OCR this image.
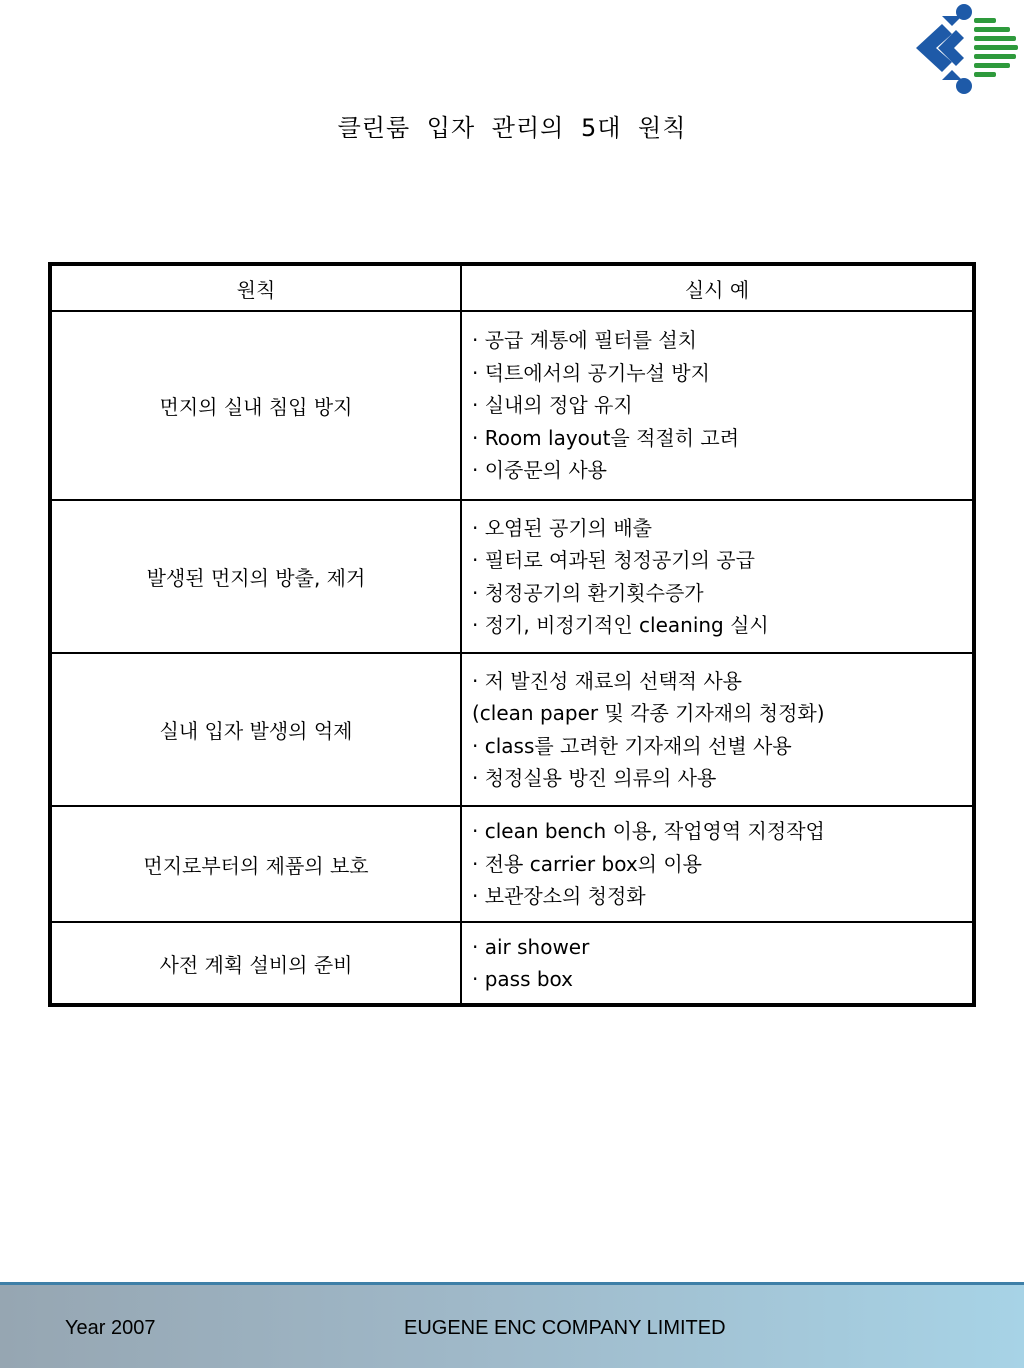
클린룸 입자 관리의 5대 원칙
원칙	실시 예
먼지의 실내 침입 방지	· 공급 계통에 필터를 설치
· 덕트에서의 공기누설 방지
· 실내의 정압 유지
· Room layout을 적절히 고려
· 이중문의 사용

발생된 먼지의 방출, 제거	· 오염된 공기의 배출
· 필터로 여과된 청정공기의 공급
· 청정공기의 환기횟수증가
· 정기, 비정기적인 cleaning 실시

실내 입자 발생의 억제	· 저 발진성 재료의 선택적 사용
(clean paper 및 각종 기자재의 청정화)
· class를 고려한 기자재의 선별 사용
· 청정실용 방진 의류의 사용

먼지로부터의 제품의 보호	· clean bench 이용, 작업영역 지정작업
· 전용 carrier box의 이용
· 보관장소의 청정화

사전 계획 설비의 준비	· air shower
· pass box
Year 2007	EUGENE ENC COMPANY LIMITED
